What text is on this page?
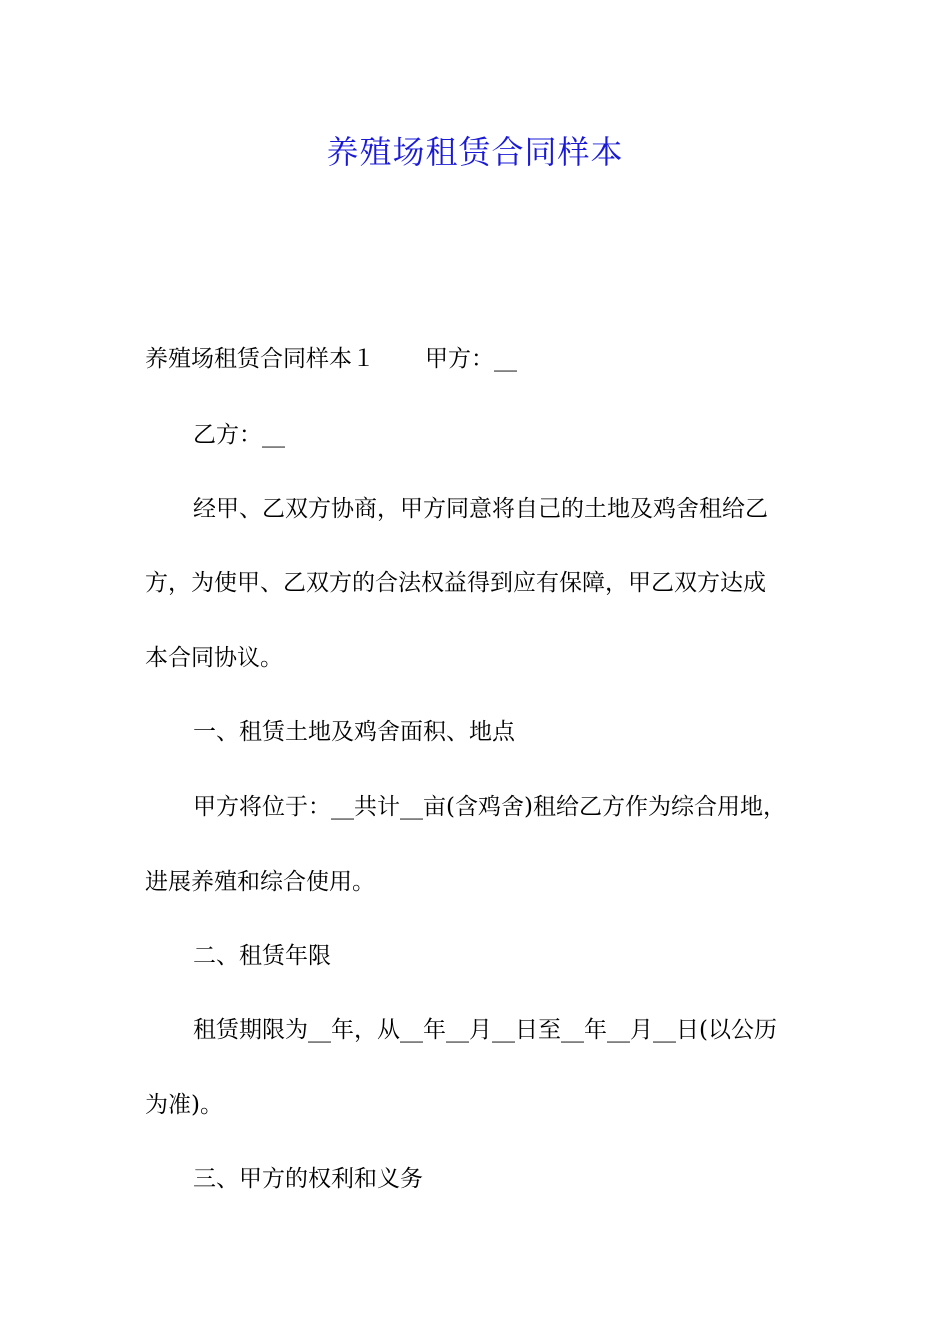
养殖场租赁合同样本

养殖场租赁合同样本１ 甲方：__

乙方：__

经甲、乙双方协商，甲方同意将自己的土地及鸡舍租给乙

方，为使甲、乙双方的合法权益得到应有保障，甲乙双方达成

本合同协议。

一、租赁土地及鸡舍面积、地点

甲方将位于：__共计__亩(含鸡舍)租给乙方作为综合用地，

进展养殖和综合使用。

二、租赁年限

租赁期限为__年，从__年__月__日至__年__月__日(以公历

为准)。

三、甲方的权利和义务
